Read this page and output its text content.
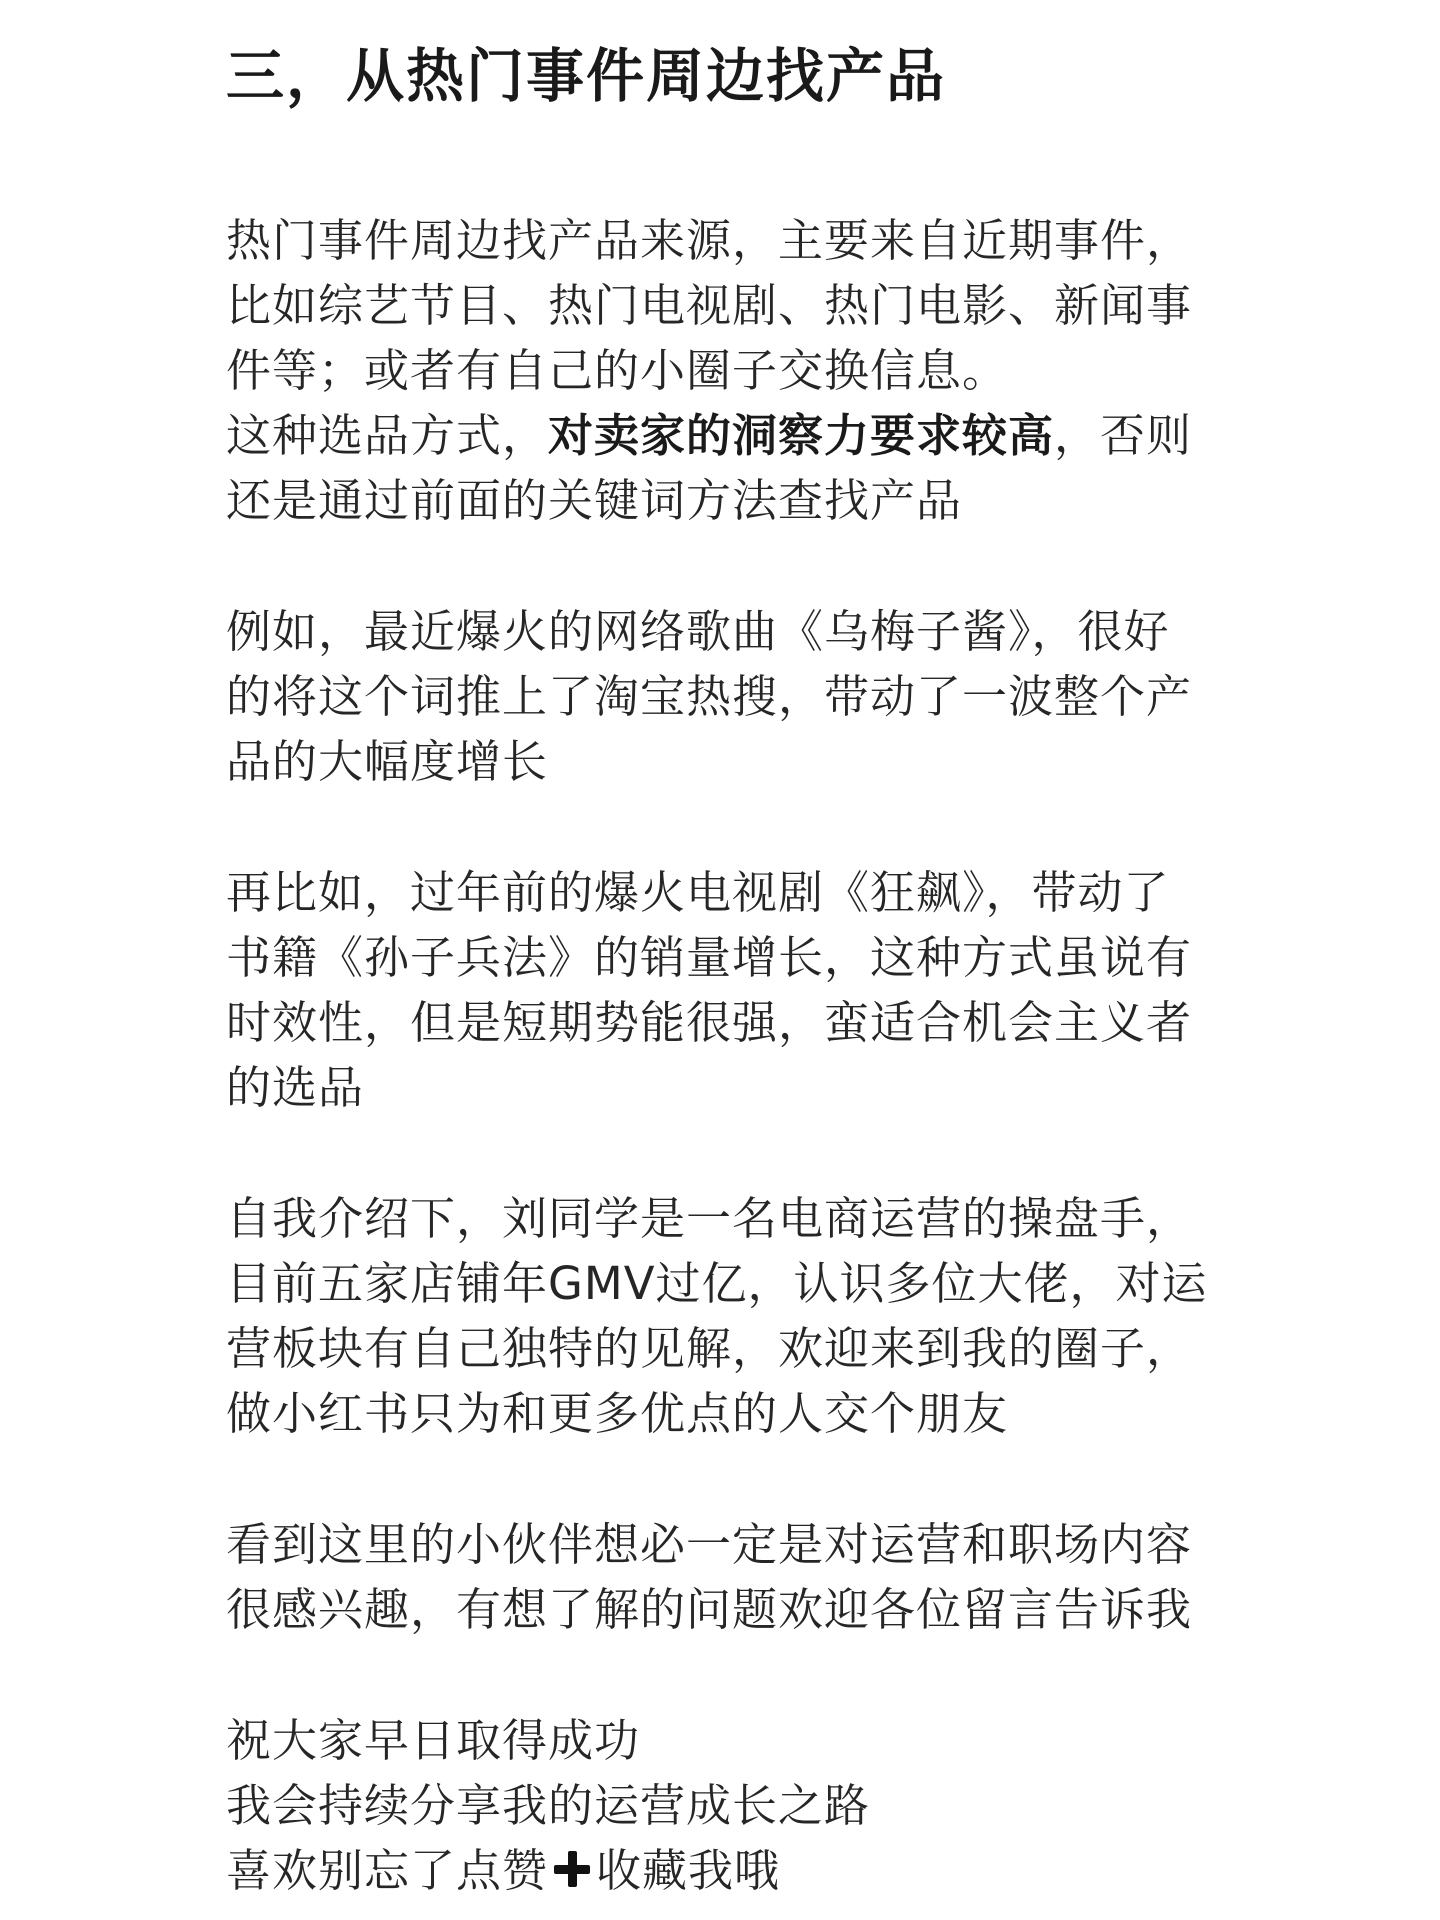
三，从热门事件周边找产品

热门事件周边找产品来源，主要来自近期事件，
比如综艺节目、热门电视剧、热门电影、新闻事
件等；或者有自己的小圈子交换信息。
这种选品方式，对卖家的洞察力要求较高，否则
还是通过前面的关键词方法查找产品

例如，最近爆火的网络歌曲《乌梅子酱》，很好
的将这个词推上了淘宝热搜，带动了一波整个产
品的大幅度增长

再比如，过年前的爆火电视剧《狂飙》，带动了
书籍《孙子兵法》的销量增长，这种方式虽说有
时效性，但是短期势能很强，蛮适合机会主义者
的选品

自我介绍下，刘同学是一名电商运营的操盘手，
目前五家店铺年GMV过亿，认识多位大佬，对运
营板块有自己独特的见解，欢迎来到我的圈子，
做小红书只为和更多优点的人交个朋友

看到这里的小伙伴想必一定是对运营和职场内容
很感兴趣，有想了解的问题欢迎各位留言告诉我

祝大家早日取得成功
我会持续分享我的运营成长之路
喜欢别忘了点赞 收藏我哦
